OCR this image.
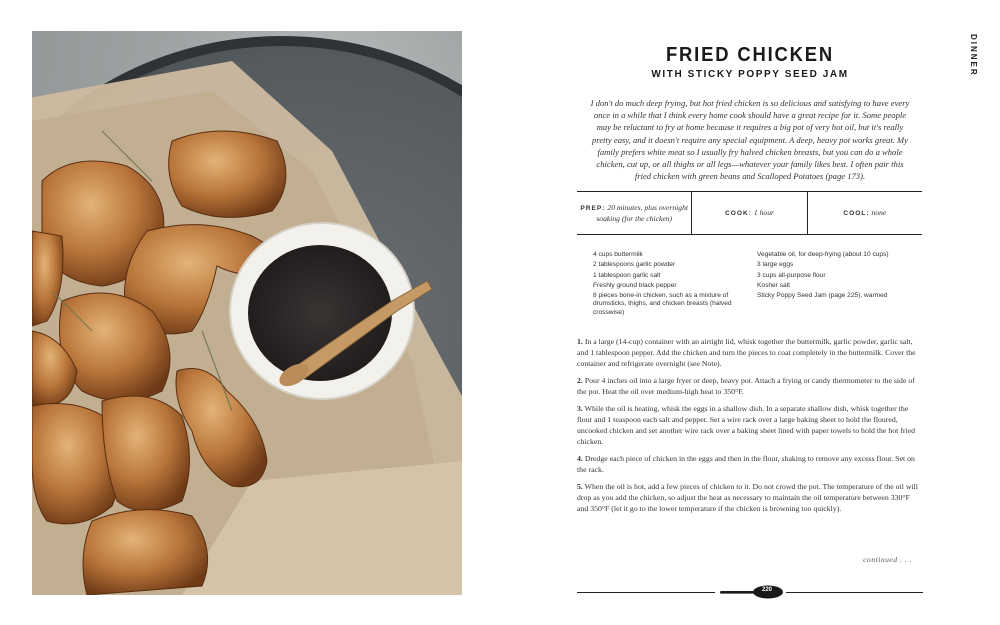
DINNER
FRIED CHICKEN
WITH STICKY POPPY SEED JAM
I don't do much deep frying, but hot fried chicken is so delicious and satisfying to have every once in a while that I think every home cook should have a great recipe for it. Some people may be reluctant to fry at home because it requires a big pot of very hot oil, but it's really pretty easy, and it doesn't require any special equipment. A deep, heavy pot works great. My family prefers white meat so I usually fry halved chicken breasts, but you can do a whole chicken, cut up, or all thighs or all legs—whatever your family likes best. I often pair this fried chicken with green beans and Scalloped Potatoes (page 173).
PREP: 20 minutes, plus overnight soaking (for the chicken)
COOK: 1 hour	COOL: none
4 cups buttermilk
2 tablespoons garlic powder
1 tablespoon garlic salt
Freshly ground black pepper
8 pieces bone-in chicken, such as a mixture of drumsticks, thighs, and chicken breasts (halved crosswise)
Vegetable oil, for deep-frying (about 10 cups)
3 large eggs
3 cups all-purpose flour
Kosher salt
Sticky Poppy Seed Jam (page 225), warmed

1. In a large (14-cup) container with an airtight lid, whisk together the buttermilk, garlic powder, garlic salt, and 1 tablespoon pepper. Add the chicken and turn the pieces to coat completely in the buttermilk. Cover the container and refrigerate overnight (see Note).

2. Pour 4 inches oil into a large fryer or deep, heavy pot. Attach a frying or candy thermometer to the side of the pot. Heat the oil over medium-high heat to 350°F.

3. While the oil is heating, whisk the eggs in a shallow dish. In a separate shallow dish, whisk together the flour and 1 teaspoon each salt and pepper. Set a wire rack over a large baking sheet to hold the floured, uncooked chicken and set another wire rack over a baking sheet lined with paper towels to hold the hot fried chicken.

4. Dredge each piece of chicken in the eggs and then in the flour, shaking to remove any excess flour. Set on the rack.

5. When the oil is hot, add a few pieces of chicken to it. Do not crowd the pot. The temperature of the oil will drop as you add the chicken, so adjust the heat as necessary to maintain the oil temperature between 330°F and 350°F (let it go to the lower temperature if the chicken is browning too quickly).

continued . . .
220
